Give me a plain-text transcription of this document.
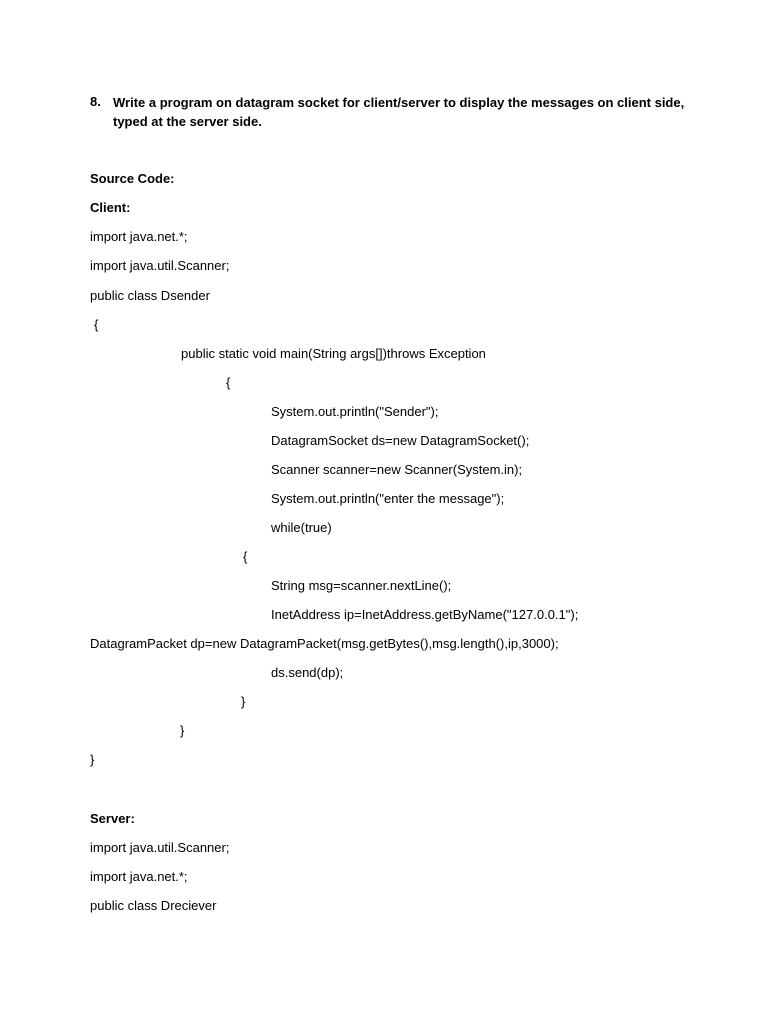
8. Write a program on datagram socket for client/server to display the messages on client side, typed at the server side.
Source Code:
Client:
import java.net.*;
import java.util.Scanner;
public class Dsender
{
public static void main(String args[])throws Exception
{
System.out.println("Sender");
DatagramSocket ds=new DatagramSocket();
Scanner scanner=new Scanner(System.in);
System.out.println("enter the message");
while(true)
{
String msg=scanner.nextLine();
InetAddress ip=InetAddress.getByName("127.0.0.1");
DatagramPacket dp=new DatagramPacket(msg.getBytes(),msg.length(),ip,3000);
ds.send(dp);
}
}
}
Server:
import java.util.Scanner;
import java.net.*;
public class Dreciever
